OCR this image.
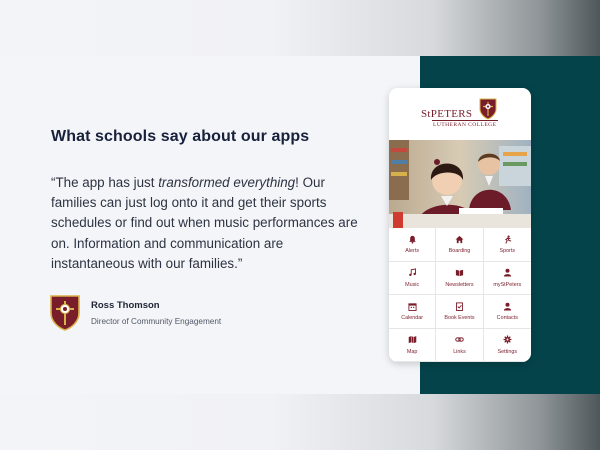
What schools say about our apps
“The app has just transformed everything! Our families can just log onto it and get their sports schedules or find out when music performances are on. Information and communication are instantaneous with our families.”
Ross Thomson
Director of Community Engagement
StPETERS
LUTHERAN COLLEGE
Alerts	Boarding	Sports
Music	Newsletters	myStPeters
Calendar	Book Events	Contacts
Map	Links	Settings
